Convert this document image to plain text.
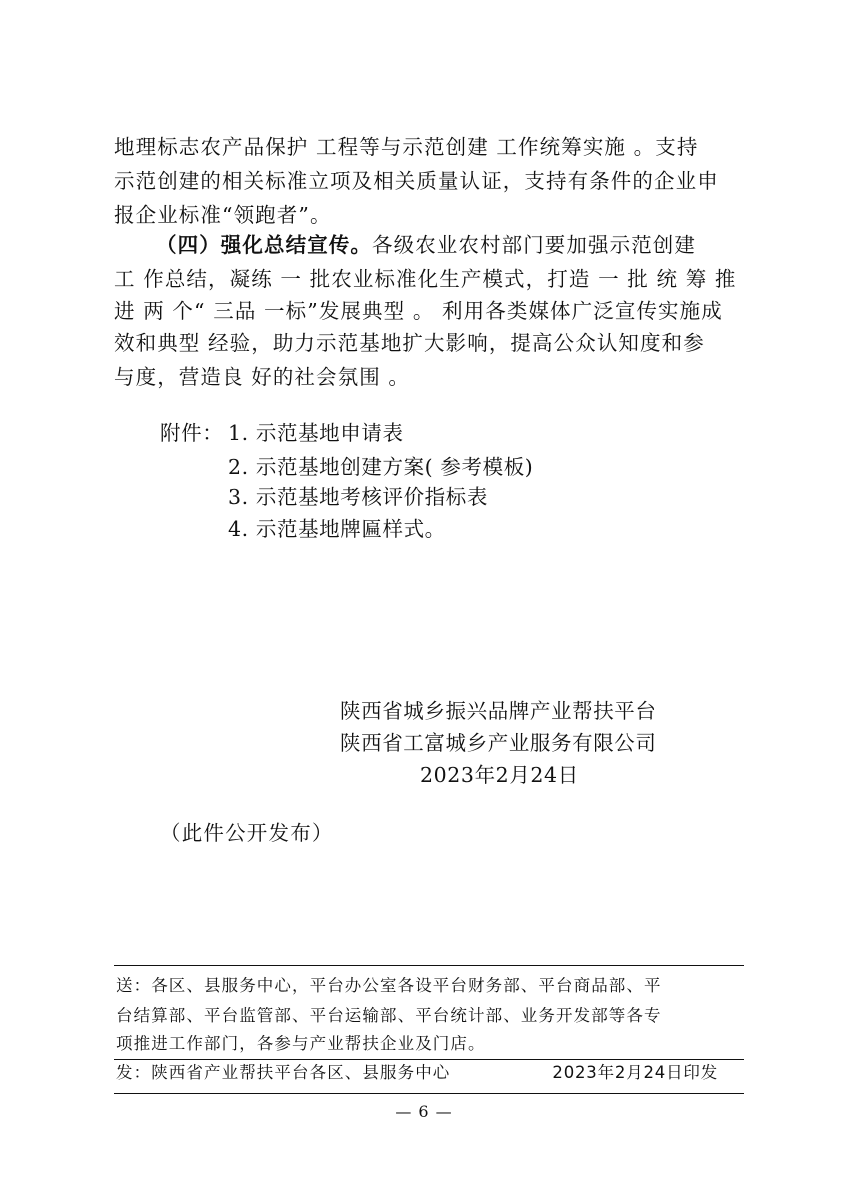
地理标志农产品保护 工程等与示范创建 工作统筹实施 。支持
示范创建的相关标准立项及相关质量认证，支持有条件的企业申
报企业标准“领跑者”。
（四）强化总结宣传。各级农业农村部门要加强示范创建
工 作总结，凝练 一 批农业标准化生产模式，打造 一 批 统 筹 推
进 两 个“ 三品 一标”发展典型 。 利用各类媒体广泛宣传实施成
效和典型 经验，助力示范基地扩大影响，提高公众认知度和参
与度，营造良 好的社会氛围 。
附件： 1. 示范基地申请表
2. 示范基地创建方案( 参考模板)
3. 示范基地考核评价指标表
4. 示范基地牌匾样式。
陕西省城乡振兴品牌产业帮扶平台
陕西省工富城乡产业服务有限公司
2023年2月24日
（此件公开发布）
送：各区、县服务中心，平台办公室各设平台财务部、平台商品部、平
台结算部、平台监管部、平台运输部、平台统计部、业务开发部等各专
项推进工作部门，各参与产业帮扶企业及门店。
发：陕西省产业帮扶平台各区、县服务中心	2023年2月24日印发
— 6 —
